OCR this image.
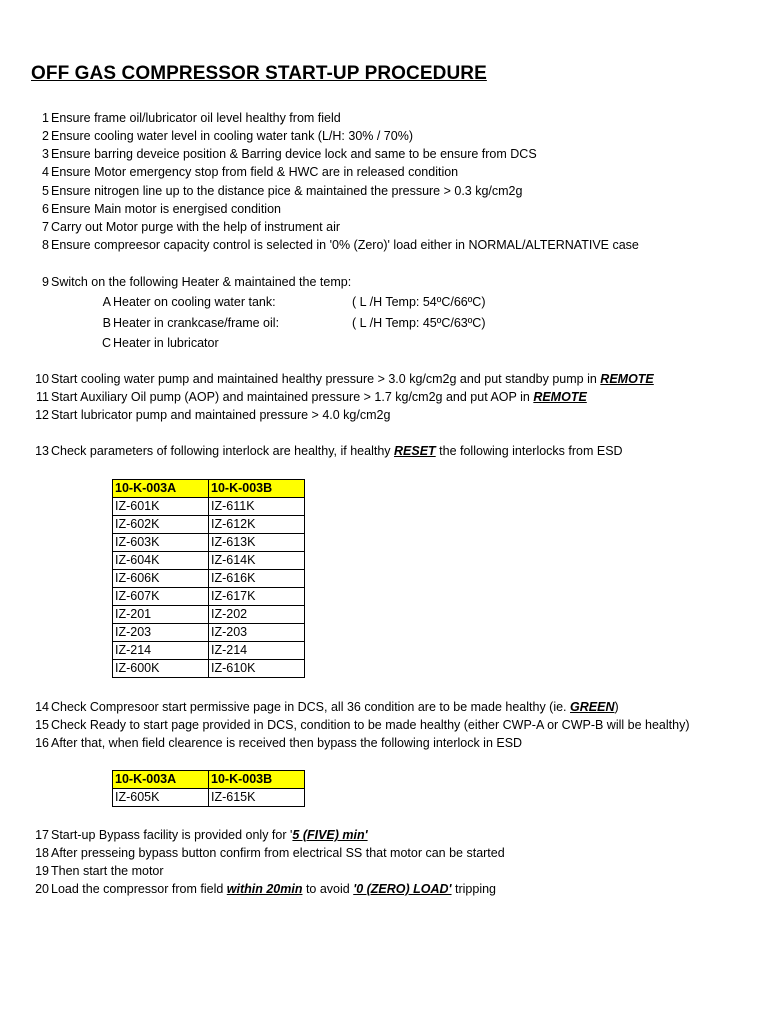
OFF GAS COMPRESSOR START-UP PROCEDURE
1 Ensure frame oil/lubricator oil level healthy from field
2 Ensure cooling water level in cooling water tank (L/H: 30% / 70%)
3 Ensure barring deveice position & Barring device lock and same to be ensure from DCS
4 Ensure Motor emergency stop from field & HWC are in released condition
5 Ensure nitrogen line up to the distance pice & maintained the pressure > 0.3 kg/cm2g
6 Ensure Main motor is energised condition
7 Carry out Motor purge with the help of instrument air
8 Ensure compreesor capacity control is selected in '0% (Zero)' load either in NORMAL/ALTERNATIVE case
9 Switch on the following Heater & maintained the temp:
A Heater on cooling water tank:	( L /H Temp: 54ºC/66ºC)
B Heater in crankcase/frame oil:	( L /H Temp: 45ºC/63ºC)
C Heater in lubricator
10 Start cooling water pump and maintained healthy pressure > 3.0 kg/cm2g and put standby pump in REMOTE
11 Start Auxiliary Oil pump (AOP) and maintained pressure > 1.7 kg/cm2g and put AOP in REMOTE
12 Start lubricator pump and maintained pressure > 4.0 kg/cm2g
13 Check parameters of following interlock are healthy, if healthy RESET the following interlocks from ESD
10-K-003A	10-K-003B
IZ-601K	IZ-611K
IZ-602K	IZ-612K
IZ-603K	IZ-613K
IZ-604K	IZ-614K
IZ-606K	IZ-616K
IZ-607K	IZ-617K
IZ-201	IZ-202
IZ-203	IZ-203
IZ-214	IZ-214
IZ-600K	IZ-610K
14 Check Compresoor start permissive page in DCS, all 36 condition are to be made healthy (ie. GREEN)
15 Check Ready to start page provided in DCS, condition to be made healthy (either CWP-A or CWP-B will be healthy)
16 After that, when field clearence is received then bypass the following interlock in ESD
10-K-003A	10-K-003B
IZ-605K	IZ-615K
17 Start-up Bypass facility is provided only for '5 (FIVE) min'
18 After presseing bypass button confirm from electrical SS that motor can be started
19 Then start the motor
20 Load the compressor from field within 20min to avoid '0 (ZERO) LOAD' tripping
